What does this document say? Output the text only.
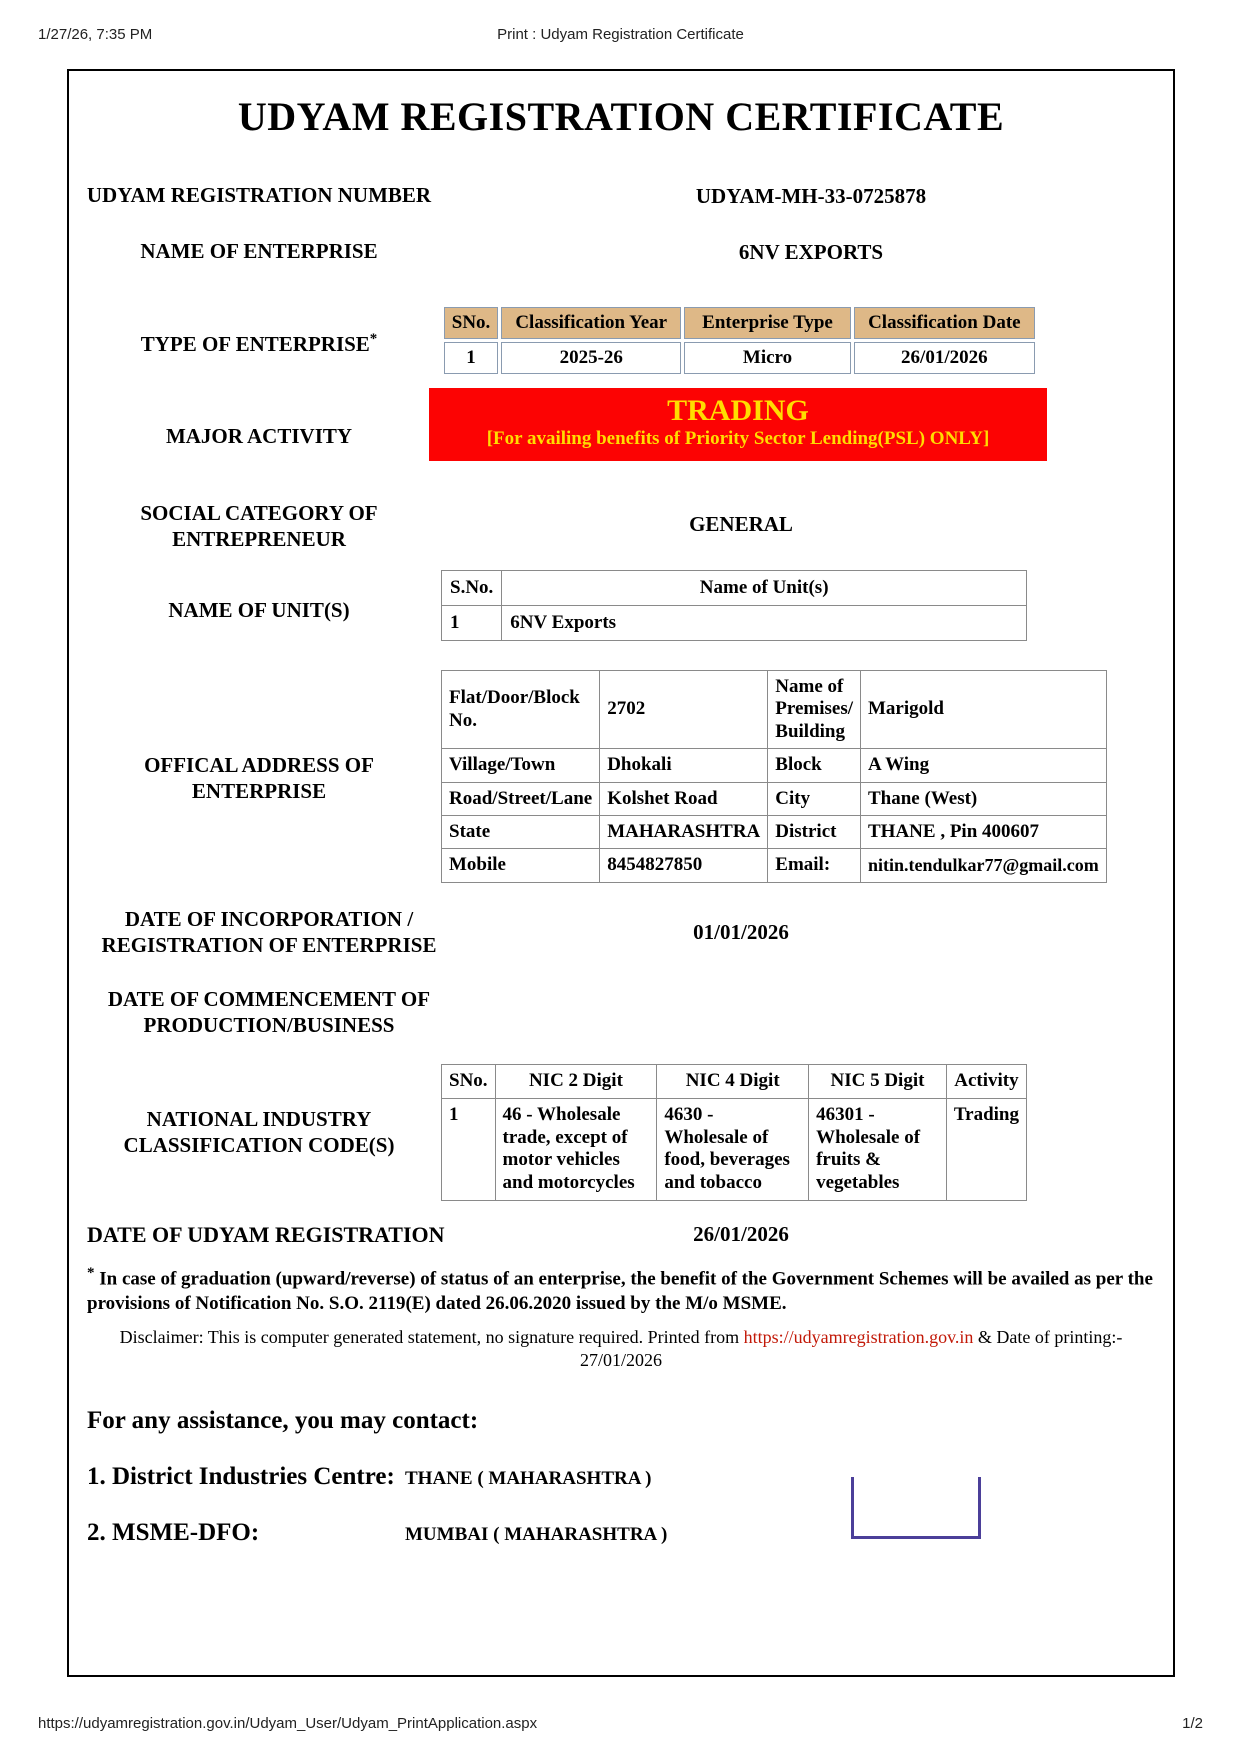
1/27/26, 7:35 PM	Print : Udyam Registration Certificate
UDYAM REGISTRATION CERTIFICATE
UDYAM REGISTRATION NUMBER	UDYAM-MH-33-0725878
NAME OF ENTERPRISE	6NV EXPORTS
TYPE OF ENTERPRISE*
SNo.	Classification Year	Enterprise Type	Classification Date
1	2025-26	Micro	26/01/2026
MAJOR ACTIVITY
TRADING
[For availing benefits of Priority Sector Lending(PSL) ONLY]
SOCIAL CATEGORY OF
ENTREPRENEUR
GENERAL
NAME OF UNIT(S)
S.No.	Name of Unit(s)
1	6NV Exports
OFFICAL ADDRESS OF
ENTERPRISE
Flat/Door/Block No.	2702	Name of Premises/ Building	Marigold
Village/Town	Dhokali	Block	A Wing
Road/Street/Lane	Kolshet Road	City	Thane (West)
State	MAHARASHTRA	District	THANE , Pin 400607
Mobile	8454827850	Email:	nitin.tendulkar77@gmail.com
DATE OF INCORPORATION /
REGISTRATION OF ENTERPRISE
01/01/2026
DATE OF COMMENCEMENT OF
PRODUCTION/BUSINESS
NATIONAL INDUSTRY
CLASSIFICATION CODE(S)
SNo.	NIC 2 Digit	NIC 4 Digit	NIC 5 Digit	Activity
1	46 - Wholesale trade, except of motor vehicles and motorcycles	4630 - Wholesale of food, beverages and tobacco	46301 - Wholesale of fruits & vegetables	Trading
DATE OF UDYAM REGISTRATION	26/01/2026
* In case of graduation (upward/reverse) of status of an enterprise, the benefit of the Government Schemes will be availed as per the provisions of Notification No. S.O. 2119(E) dated 26.06.2020 issued by the M/o MSME.
Disclaimer: This is computer generated statement, no signature required. Printed from https://udyamregistration.gov.in & Date of printing:- 27/01/2026
For any assistance, you may contact:
1. District Industries Centre: THANE ( MAHARASHTRA )
2. MSME-DFO:	MUMBAI ( MAHARASHTRA )
https://udyamregistration.gov.in/Udyam_User/Udyam_PrintApplication.aspx	1/2
